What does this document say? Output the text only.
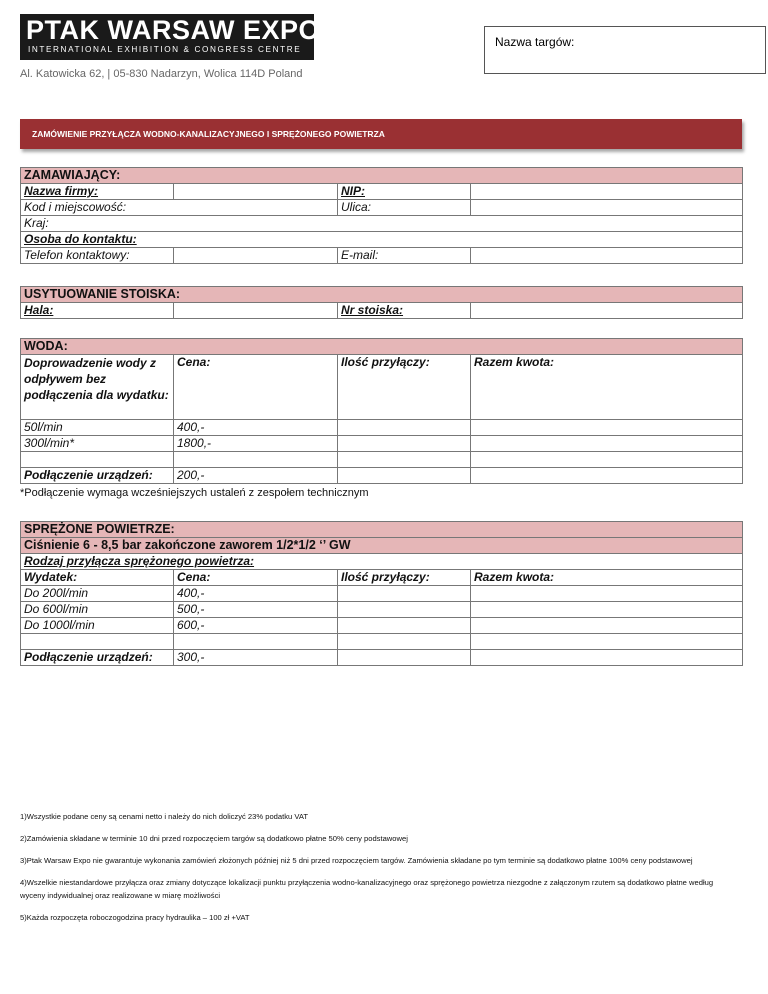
PTAK WARSAW EXPO
INTERNATIONAL EXHIBITION & CONGRESS CENTRE
Al. Katowicka 62, | 05-830 Nadarzyn, Wolica 114D Poland
Nazwa targów:
ZAMÓWIENIE PRZYŁĄCZA WODNO-KANALIZACYJNEGO I SPRĘŻONEGO POWIETRZA
ZAMAWIAJĄCY:			
Nazwa firmy:		NIP:	
Kod i miejscowość:		Ulica:	
Kraj:			
Osoba do kontaktu:			
Telefon kontaktowy:		E-mail:	
USYTUOWANIE STOISKA:
Hala:		Nr stoiska:	
WODA:			
Doprowadzenie wody z odpływem bez podłączenia dla wydatku:	Cena:	Ilość przyłączy:	Razem kwota:
50l/min	400,-		
300l/min*	1800,-		

Podłączenie urządzeń:	200,-		
*Podłączenie wymaga wcześniejszych ustaleń z zespołem technicznym
SPRĘŻONE POWIETRZE:			
Ciśnienie 6 - 8,5 bar zakończone zaworem 1/2*1/2 ‘’ GW			
Rodzaj przyłącza sprężonego powietrza:			
Wydatek:	Cena:	Ilość przyłączy:	Razem kwota:
Do 200l/min	400,-		
Do 600l/min	500,-		
Do 1000l/min	600,-		

Podłączenie urządzeń:	300,-		

1)Wszystkie podane ceny są cenami netto i należy do nich doliczyć 23% podatku VAT

2)Zamówienia składane w terminie 10 dni przed rozpoczęciem targów są dodatkowo płatne 50% ceny podstawowej

3)Ptak Warsaw Expo nie gwarantuje wykonania zamówień złożonych później niż 5 dni przed rozpoczęciem targów. Zamówienia składane po tym terminie są dodatkowo płatne 100% ceny podstawowej

4)Wszelkie niestandardowe przyłącza oraz zmiany dotyczące lokalizacji punktu przyłączenia wodno-kanalizacyjnego oraz sprężonego powietrza niezgodne z załączonym rzutem są dodatkowo płatne według wyceny indywidualnej oraz realizowane w miarę możliwości

5)Każda rozpoczęta roboczogodzina pracy hydraulika – 100 zł +VAT
